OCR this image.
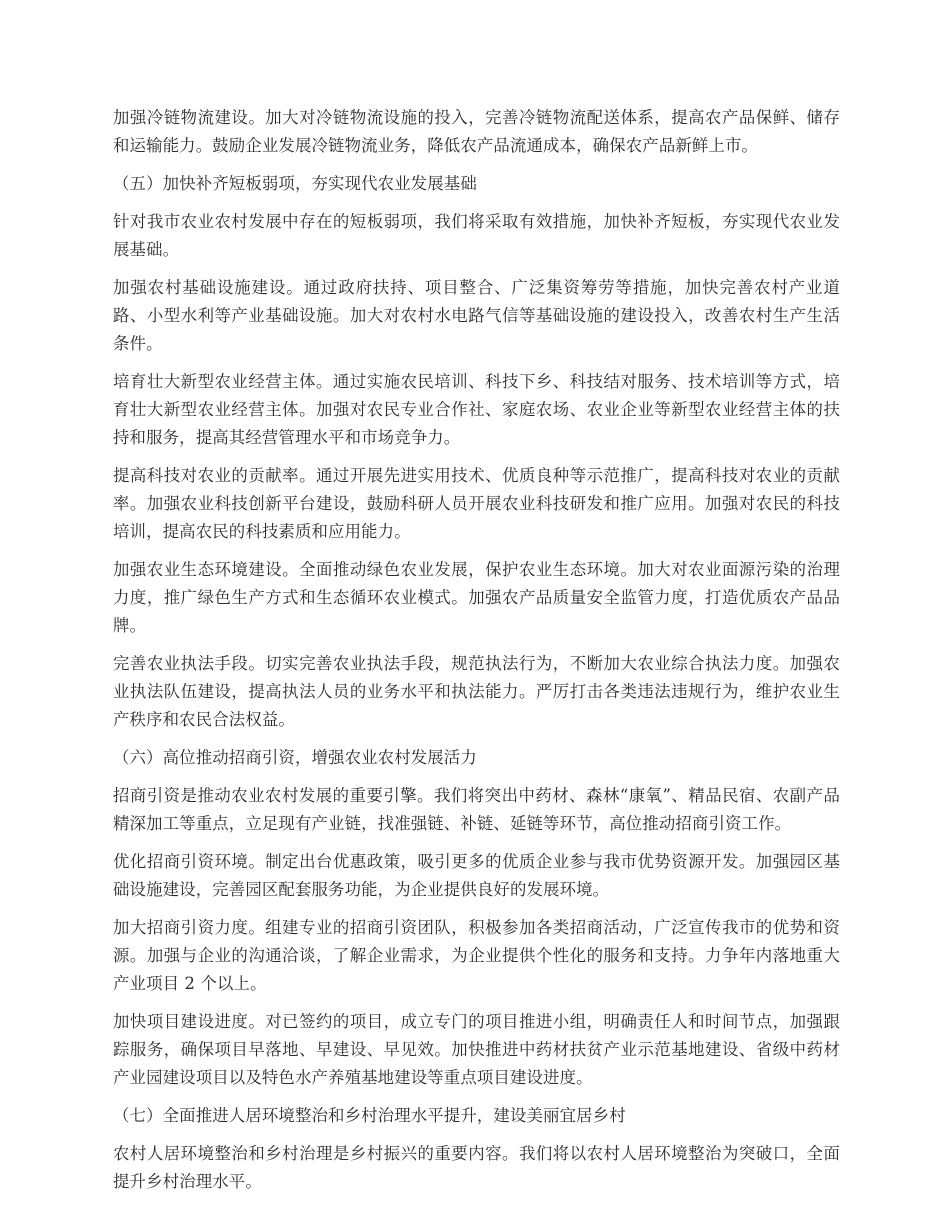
加强冷链物流建设。加大对冷链物流设施的投入，完善冷链物流配送体系，提高农产品保鲜、储存和运输能力。鼓励企业发展冷链物流业务，降低农产品流通成本，确保农产品新鲜上市。

（五）加快补齐短板弱项，夯实现代农业发展基础

针对我市农业农村发展中存在的短板弱项，我们将采取有效措施，加快补齐短板，夯实现代农业发展基础。

加强农村基础设施建设。通过政府扶持、项目整合、广泛集资筹劳等措施，加快完善农村产业道路、小型水利等产业基础设施。加大对农村水电路气信等基础设施的建设投入，改善农村生产生活条件。

培育壮大新型农业经营主体。通过实施农民培训、科技下乡、科技结对服务、技术培训等方式，培育壮大新型农业经营主体。加强对农民专业合作社、家庭农场、农业企业等新型农业经营主体的扶持和服务，提高其经营管理水平和市场竞争力。

提高科技对农业的贡献率。通过开展先进实用技术、优质良种等示范推广，提高科技对农业的贡献率。加强农业科技创新平台建设，鼓励科研人员开展农业科技研发和推广应用。加强对农民的科技培训，提高农民的科技素质和应用能力。

加强农业生态环境建设。全面推动绿色农业发展，保护农业生态环境。加大对农业面源污染的治理力度，推广绿色生产方式和生态循环农业模式。加强农产品质量安全监管力度，打造优质农产品品牌。

完善农业执法手段。切实完善农业执法手段，规范执法行为，不断加大农业综合执法力度。加强农业执法队伍建设，提高执法人员的业务水平和执法能力。严厉打击各类违法违规行为，维护农业生产秩序和农民合法权益。

（六）高位推动招商引资，增强农业农村发展活力

招商引资是推动农业农村发展的重要引擎。我们将突出中药材、森林“康氧”、精品民宿、农副产品精深加工等重点，立足现有产业链，找准强链、补链、延链等环节，高位推动招商引资工作。

优化招商引资环境。制定出台优惠政策，吸引更多的优质企业参与我市优势资源开发。加强园区基础设施建设，完善园区配套服务功能，为企业提供良好的发展环境。

加大招商引资力度。组建专业的招商引资团队，积极参加各类招商活动，广泛宣传我市的优势和资源。加强与企业的沟通洽谈，了解企业需求，为企业提供个性化的服务和支持。力争年内落地重大产业项目 2 个以上。

加快项目建设进度。对已签约的项目，成立专门的项目推进小组，明确责任人和时间节点，加强跟踪服务，确保项目早落地、早建设、早见效。加快推进中药材扶贫产业示范基地建设、省级中药材产业园建设项目以及特色水产养殖基地建设等重点项目建设进度。

（七）全面推进人居环境整治和乡村治理水平提升，建设美丽宜居乡村

农村人居环境整治和乡村治理是乡村振兴的重要内容。我们将以农村人居环境整治为突破口，全面提升乡村治理水平。
